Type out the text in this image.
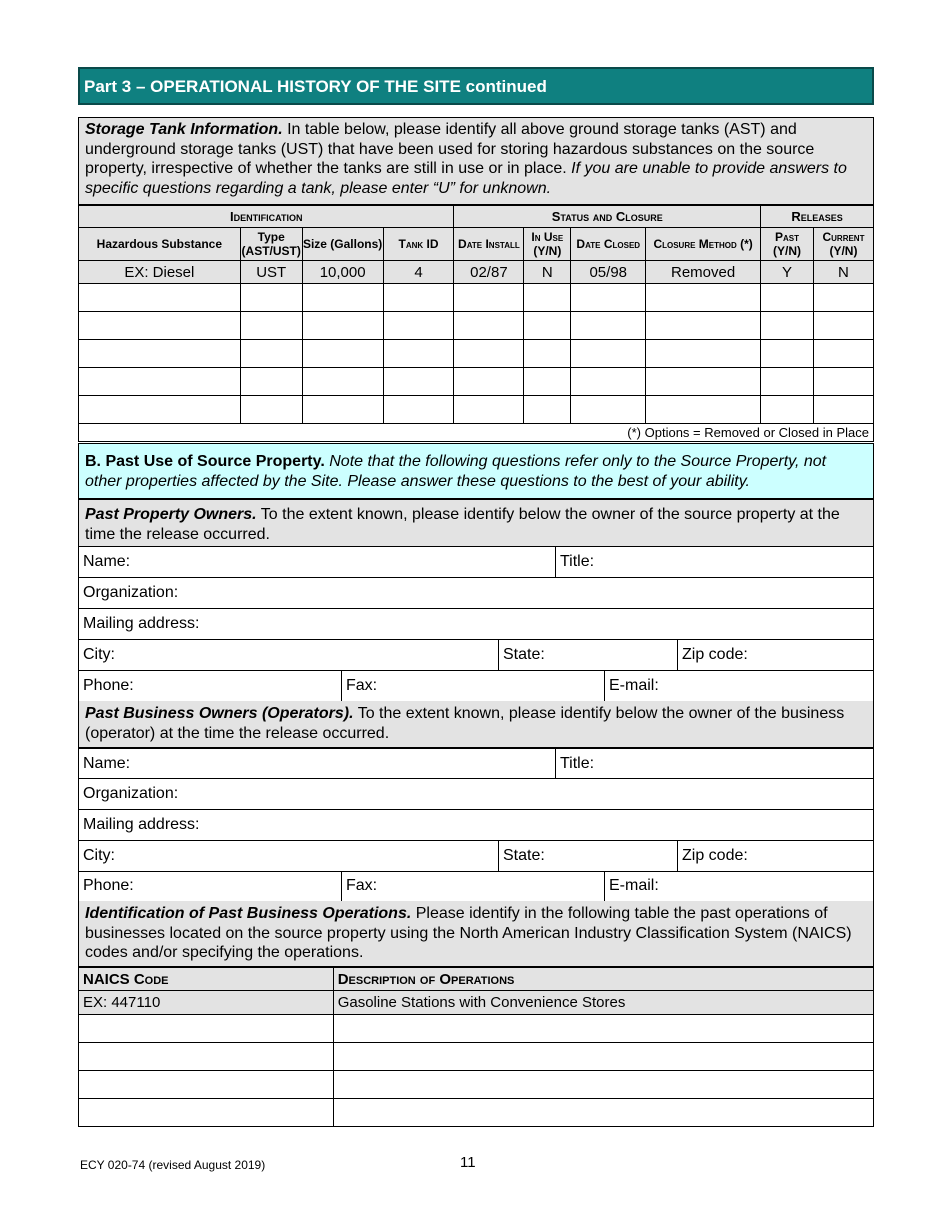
Part 3 – OPERATIONAL HISTORY OF THE SITE continued
Storage Tank Information. In table below, please identify all above ground storage tanks (AST) and underground storage tanks (UST) that have been used for storing hazardous substances on the source property, irrespective of whether the tanks are still in use or in place. If you are unable to provide answers to specific questions regarding a tank, please enter “U” for unknown.
Identification				Status and Closure				Releases	
Hazardous Substance	Type (AST/UST)	Size (Gallons)	Tank ID	Date Install	In Use (Y/N)	Date Closed	Closure Method (*)	Past (Y/N)	Current (Y/N)
EX: Diesel	UST	10,000	4	02/87	N	05/98	Removed	Y	N

(*) Options = Removed or Closed in Place									
B. Past Use of Source Property. Note that the following questions refer only to the Source Property, not other properties affected by the Site. Please answer these questions to the best of your ability.
Past Property Owners. To the extent known, please identify below the owner of the source property at the time the release occurred.
Name:	Title:
Organization:
Mailing address:
City:	State:	Zip code:
Phone:	Fax:	E-mail:
Past Business Owners (Operators). To the extent known, please identify below the owner of the business (operator) at the time the release occurred.
Name:	Title:
Organization:
Mailing address:
City:	State:	Zip code:
Phone:	Fax:	E-mail:
Identification of Past Business Operations. Please identify in the following table the past operations of businesses located on the source property using the North American Industry Classification System (NAICS) codes and/or specifying the operations.
NAICS Code	Description of Operations
EX: 447110	Gasoline Stations with Convenience Stores

ECY 020-74 (revised August 2019)	11
